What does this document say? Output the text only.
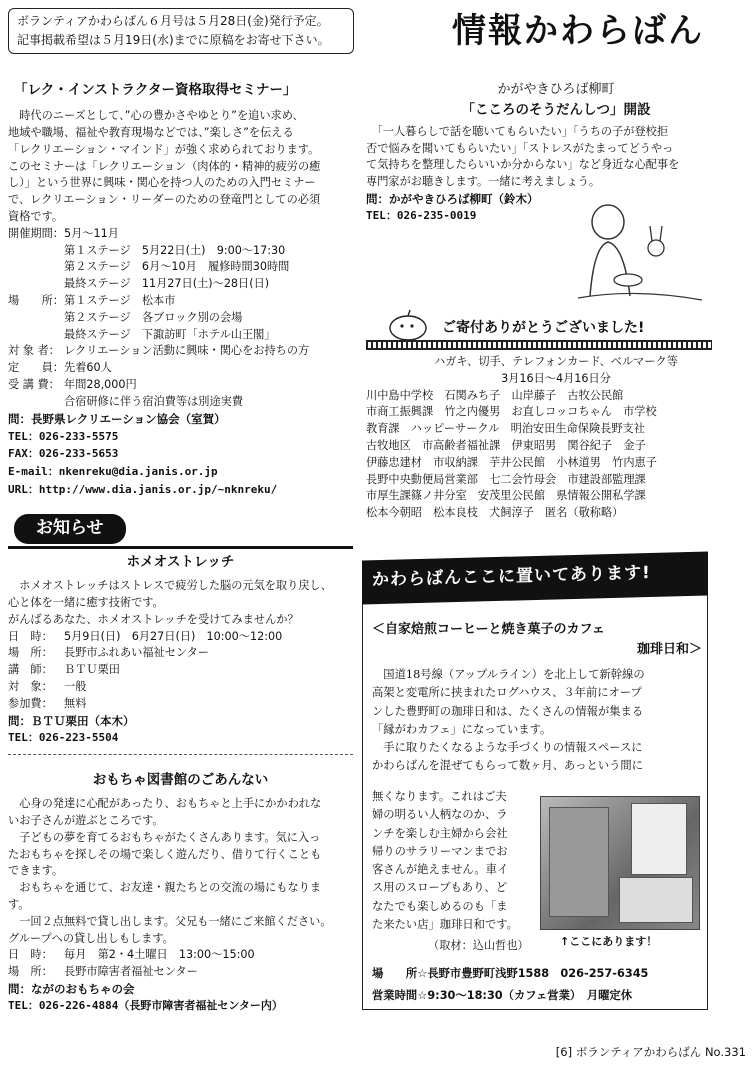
ボランティアかわらばん６月号は５月28日(金)発行予定。
記事掲載希望は５月19日(水)までに原稿をお寄せ下さい。	情報かわらばん
「レク・インストラクター資格取得セミナー」
　時代のニーズとして、”心の豊かさやゆとり”を追い求め、
地域や職場、福祉や教育現場などでは、”楽しさ”を伝える
「レクリエーション・マインド」が強く求められております。
このセミナーは「レクリエーション（肉体的・精神的疲労の癒
し）」という世界に興味・関心を持つ人のための入門セミナー
で、レクリエーション・リーダーのための登竜門としての必須
資格です。
開催期間： 5月～11月
第１ステージ　5月22日(土)　9:00～17:30
第２ステージ　6月～10月　履修時間30時間
最終ステージ　11月27日(土)～28日(日)
場　　所： 第１ステージ　松本市
第２ステージ　各ブロック別の会場
最終ステージ　下諏訪町「ホテル山王閣」
対 象 者： レクリエーション活動に興味・関心をお持ちの方
定　　員： 先着60人
受 講 費： 年間28,000円
合宿研修に伴う宿泊費等は別途実費
問：長野県レクリエーション協会（室賀）
TEL：026-233-5575
FAX：026-233-5653
E-mail：nkenreku@dia.janis.or.jp
URL：http://www.dia.janis.or.jp/~nknreku/
お知らせ
ホメオストレッチ
　ホメオストレッチはストレスで疲労した脳の元気を取り戻し、
心と体を一緒に癒す技術です。
がんばるあなた、ホメオストレッチを受けてみませんか？
日　時：	5月9日(日)　6月27日(日)　10:00～12:00
場　所：	長野市ふれあい福祉センター
講　師：	ＢＴＵ栗田
対　象：	一般
参加費：	無料
問：ＢＴＵ栗田（本木）
TEL：026-223-5504
おもちゃ図書館のごあんない
　心身の発達に心配があったり、おもちゃと上手にかかわれな
いお子さんが遊ぶところです。
　子どもの夢を育てるおもちゃがたくさんあります。気に入っ
たおもちゃを探しその場で楽しく遊んだり、借りて行くことも
できます。
　おもちゃを通じて、お友達・親たちとの交流の場にもなりま
す。
　一回２点無料で貸し出します。父兄も一緒にご来館ください。
グループへの貸し出しもします。
日　時：	毎月　第2・4土曜日　13:00～15:00
場　所：	長野市障害者福祉センター
問：ながのおもちゃの会
TEL：026-226-4884（長野市障害者福祉センター内）
かがやきひろば柳町
「こころのそうだんしつ」開設
　「一人暮らしで話を聴いてもらいたい」「うちの子が登校拒
否で悩みを聞いてもらいたい」「ストレスがたまってどうやっ
て気持ちを整理したらいいか分からない」など身近な心配事を
専門家がお聴きします。一緒に考えましょう。
問：かがやきひろば柳町（鈴木）
TEL：026-235-0019
ご寄付ありがとうございました!
ハガキ、切手、テレフォンカード、ベルマーク等
3月16日～4月16日分
川中島中学校　石関みち子　山岸藤子　古牧公民館
市商工振興課　竹之内優男　お直しコッコちゃん　市学校
教育課　ハッピーサークル　明治安田生命保険長野支社
古牧地区　市高齢者福祉課　伊東昭男　関谷紀子　金子
伊藤忠建材　市収納課　芋井公民館　小林道男　竹内恵子
長野中央動便局営業部　七二会竹母会　市建設部監理課
市厚生課篠ノ井分室　安茂里公民館　県情報公開私学課
松本今朝昭　松本良枝　犬飼淳子　匿名（敬称略）
かわらばんここに置いてあります!
＜自家焙煎コーヒーと焼き菓子のカフェ
珈琲日和＞
　国道18号線（アップルライン）を北上して新幹線の
高架と変電所に挟まれたログハウス、３年前にオープ
ンした豊野町の珈琲日和は、たくさんの情報が集まる
「縁がわカフェ」になっています。
　手に取りたくなるような手づくりの情報スペースに
かわらばんを混ぜてもらって数ヶ月、あっという間に
無くなります。これはご夫
婦の明るい人柄なのか、ラ
ンチを楽しむ主婦から会社
帰りのサラリーマンまでお
客さんが絶えません。車イ
ス用のスロープもあり、ど
なたでも楽しめるのも「ま
た来たい店」珈琲日和です。
（取材：込山哲也）	↑ここにあります！
場　　所☆長野市豊野町浅野1588　026-257-6345
営業時間☆9:30～18:30（カフェ営業）　月曜定休
[6] ボランティアかわらばん No.331
